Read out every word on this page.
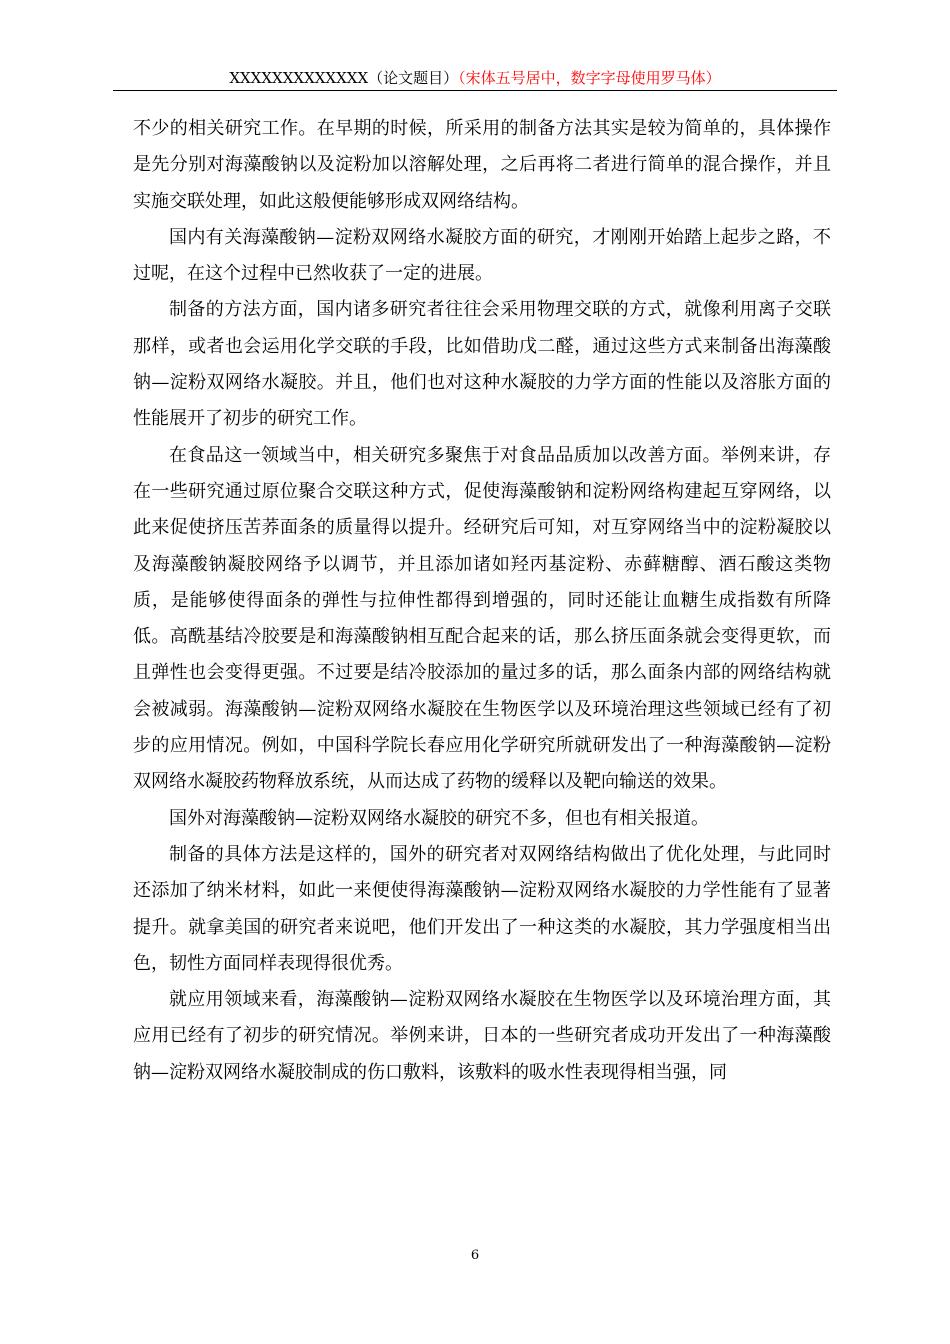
XXXXXXXXXXXXX（论文题目）（宋体五号居中，数字字母使用罗马体）

不少的相关研究工作。在早期的时候，所采用的制备方法其实是较为简单的，具体操作是先分别对海藻酸钠以及淀粉加以溶解处理，之后再将二者进行简单的混合操作，并且实施交联处理，如此这般便能够形成双网络结构。

国内有关海藻酸钠—淀粉双网络水凝胶方面的研究，才刚刚开始踏上起步之路，不过呢，在这个过程中已然收获了一定的进展。

制备的方法方面，国内诸多研究者往往会采用物理交联的方式，就像利用离子交联那样，或者也会运用化学交联的手段，比如借助戊二醛，通过这些方式来制备出海藻酸钠—淀粉双网络水凝胶。并且，他们也对这种水凝胶的力学方面的性能以及溶胀方面的性能展开了初步的研究工作。

在食品这一领域当中，相关研究多聚焦于对食品品质加以改善方面。举例来讲，存在一些研究通过原位聚合交联这种方式，促使海藻酸钠和淀粉网络构建起互穿网络，以此来促使挤压苦荞面条的质量得以提升。经研究后可知，对互穿网络当中的淀粉凝胶以及海藻酸钠凝胶网络予以调节，并且添加诸如羟丙基淀粉、赤藓糖醇、酒石酸这类物质，是能够使得面条的弹性与拉伸性都得到增强的，同时还能让血糖生成指数有所降低。高酰基结冷胶要是和海藻酸钠相互配合起来的话，那么挤压面条就会变得更软，而且弹性也会变得更强。不过要是结冷胶添加的量过多的话，那么面条内部的网络结构就会被减弱。海藻酸钠—淀粉双网络水凝胶在生物医学以及环境治理这些领域已经有了初步的应用情况。例如，中国科学院长春应用化学研究所就研发出了一种海藻酸钠—淀粉双网络水凝胶药物释放系统，从而达成了药物的缓释以及靶向输送的效果。

国外对海藻酸钠—淀粉双网络水凝胶的研究不多，但也有相关报道。

制备的具体方法是这样的，国外的研究者对双网络结构做出了优化处理，与此同时还添加了纳米材料，如此一来便使得海藻酸钠—淀粉双网络水凝胶的力学性能有了显著提升。就拿美国的研究者来说吧，他们开发出了一种这类的水凝胶，其力学强度相当出色，韧性方面同样表现得很优秀。

就应用领域来看，海藻酸钠—淀粉双网络水凝胶在生物医学以及环境治理方面，其应用已经有了初步的研究情况。举例来讲，日本的一些研究者成功开发出了一种海藻酸钠—淀粉双网络水凝胶制成的伤口敷料，该敷料的吸水性表现得相当强，同

6
